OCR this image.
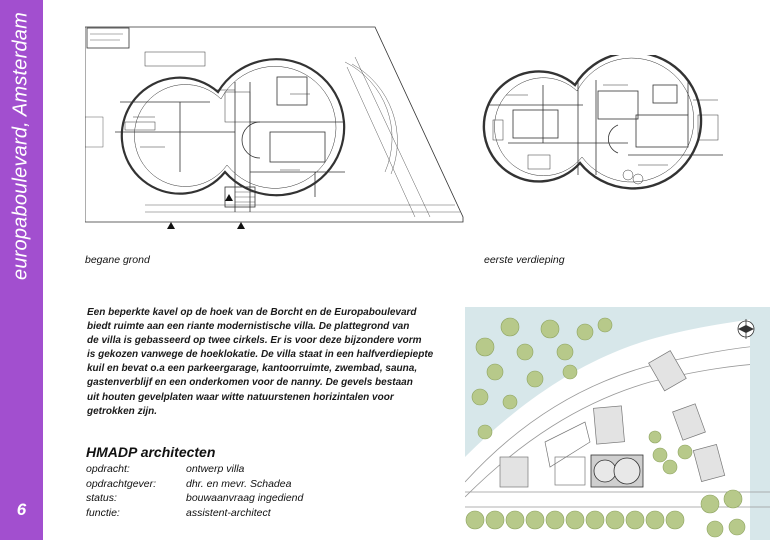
europaboulevard, Amsterdam
6
begane grond	eerste verdieping
Een beperkte kavel op de hoek van de Borcht en de Europaboulevard
biedt ruimte aan een riante modernistische villa. De plattegrond van
de villa is gebasseerd op twee cirkels. Er is voor deze bijzondere vorm
is gekozen vanwege de hoeklokatie. De villa staat in een halfverdiepiepte
kuil en bevat o.a een parkeergarage, kantoorruimte, zwembad, sauna,
gastenverblijf en een onderkomen voor de nanny. De gevels bestaan
uit houten gevelplaten waar witte natuurstenen horizintalen voor
getrokken zijn.
HMADP architecten
opdracht:	ontwerp villa
opdrachtgever:	dhr. en mevr. Schadea
status:	bouwaanvraag ingediend
functie:	assistent-architect
